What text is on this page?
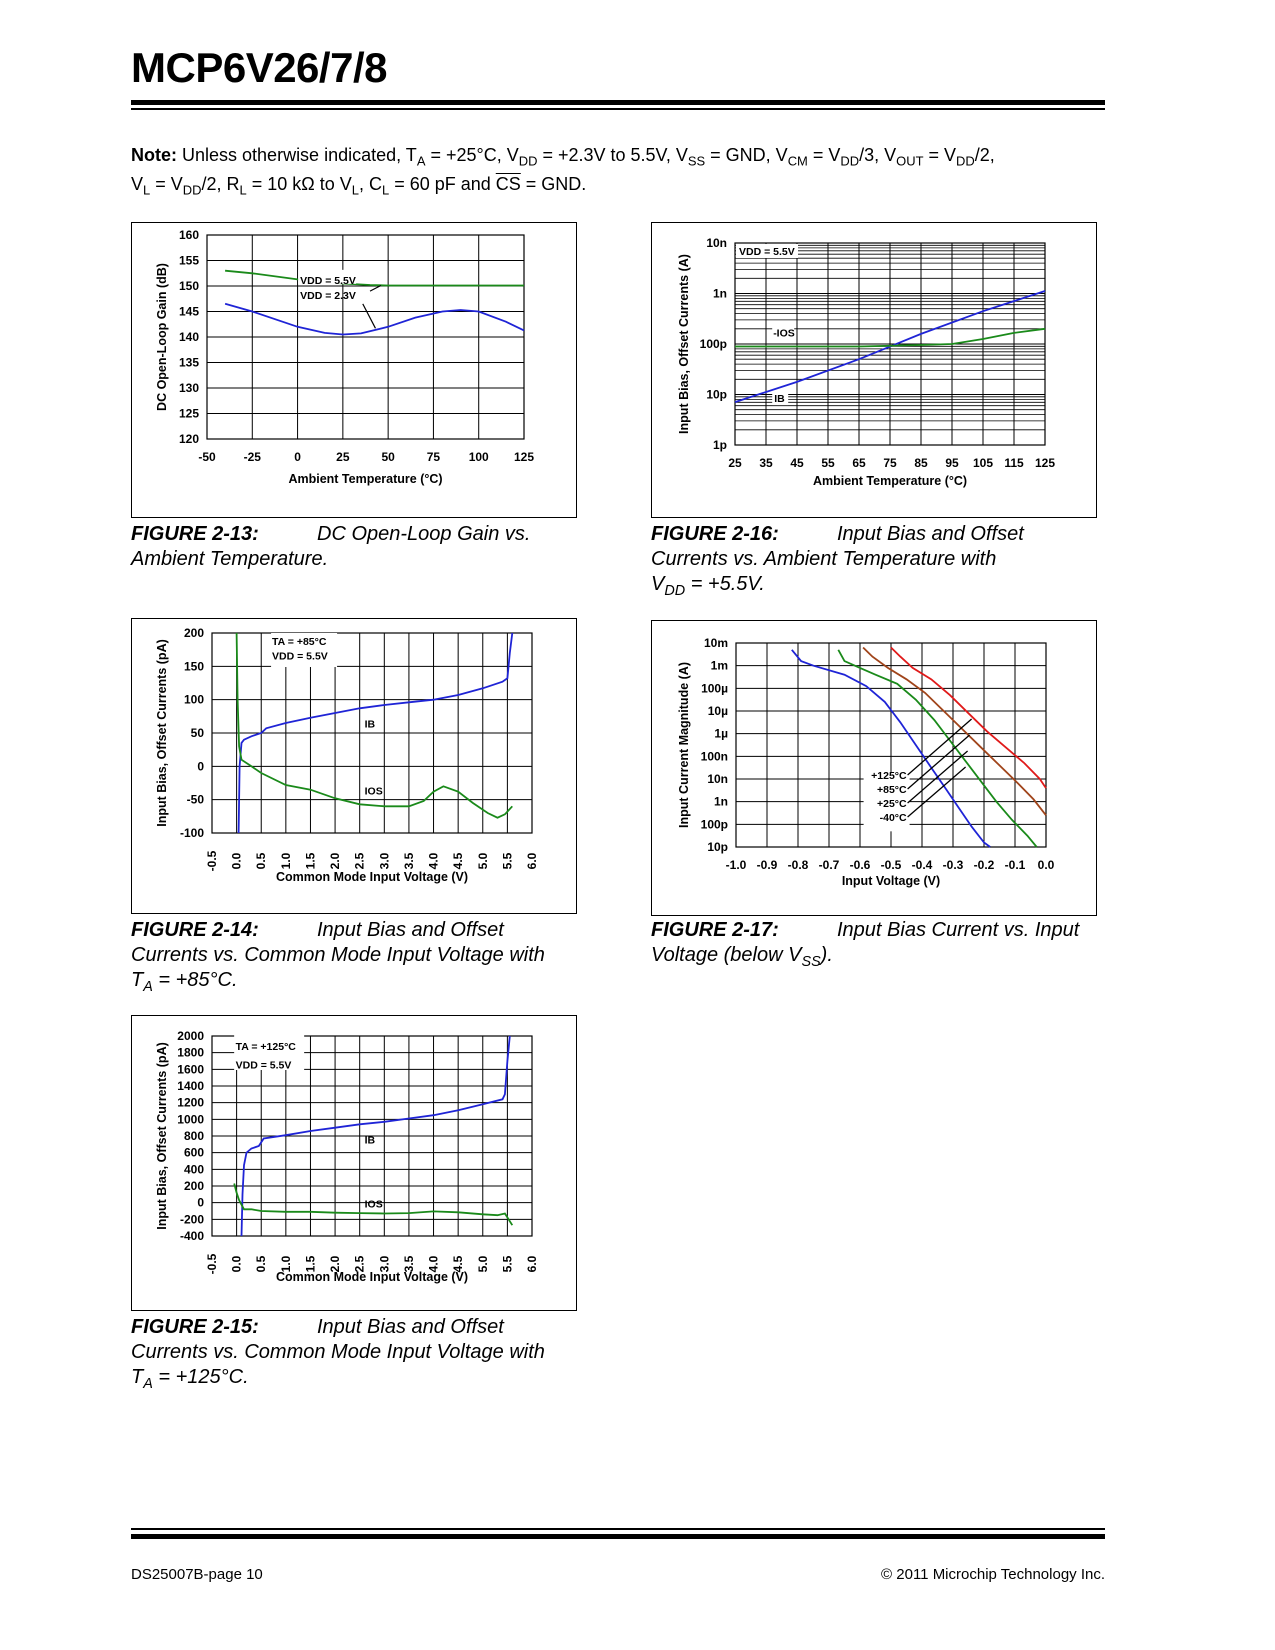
MCP6V26/7/8
Note: Unless otherwise indicated, $T_A = +25^\circ C$, $V_{DD} = +2.3V$ to 5.5V, $V_{SS}$ = GND, $V_{CM} = V_{DD}/3$, $V_{OUT} = V_{DD}/2$,
$V_L = V_{DD}/2$, $R_L = 10$ kΩ to $V_L$, $C_L = 60$ pF and $\overline{CS}$ = GND.
-50 -25	0	25	50	75 100 125
120
125
130
135
140
145
150
155
160
Ambient Temperature (°C)
DC Open-Loop Gain (dB)	VDD = 5.5V
VDD = 2.3V
-0.5 0.0 0.5 1.0 1.5 2.0 2.5 3.0 3.5 4.0 4.5 5.0 5.5 6.0
-100
-50
0
50
100
150
200
Common Mode Input Voltage (V)
Input Bias, Offset Currents (pA)	TA = +85°C
VDD = 5.5V
IB
IOS
-0.5 0.0 0.5 1.0 1.5 2.0 2.5 3.0 3.5 4.0 4.5 5.0 5.5 6.0
-400
-200
0
200
400
600
800
1000
1200
1400
1600
1800
2000
Common Mode Input Voltage (V)
Input Bias, Offset Currents (pA)	TA = +125°C
VDD = 5.5V
IB
IOS
25 35 45 55 65 75 85 95 105 115 125
1p
10p
100p
1n
10n
Ambient Temperature (°C)
Input Bias, Offset Currents (A)
VDD = 5.5V
-IOS
IB
-1.0 -0.9 -0.8 -0.7 -0.6 -0.5 -0.4 -0.3 -0.2 -0.1 0.0
10p
100p
1n
10n
100n
1µ
10µ
100µ
1m
10m
Input Voltage (V)
Input Current Magnitude (A)	+125°C
+85°C
+25°C
-40°C
FIGURE 2-13:	DC Open-Loop Gain vs.
Ambient Temperature.
FIGURE 2-14:	Input Bias and Offset
Currents vs. Common Mode Input Voltage with
$T_A = +85^\circ C$.
FIGURE 2-15:	Input Bias and Offset
Currents vs. Common Mode Input Voltage with
$T_A = +125^\circ C$.
FIGURE 2-16:	Input Bias and Offset
Currents vs. Ambient Temperature with
$V_{DD} = +5.5V$.
FIGURE 2-17:	Input Bias Current vs. Input
Voltage (below $V_{SS}$).
DS25007B-page 10	© 2011 Microchip Technology Inc.
